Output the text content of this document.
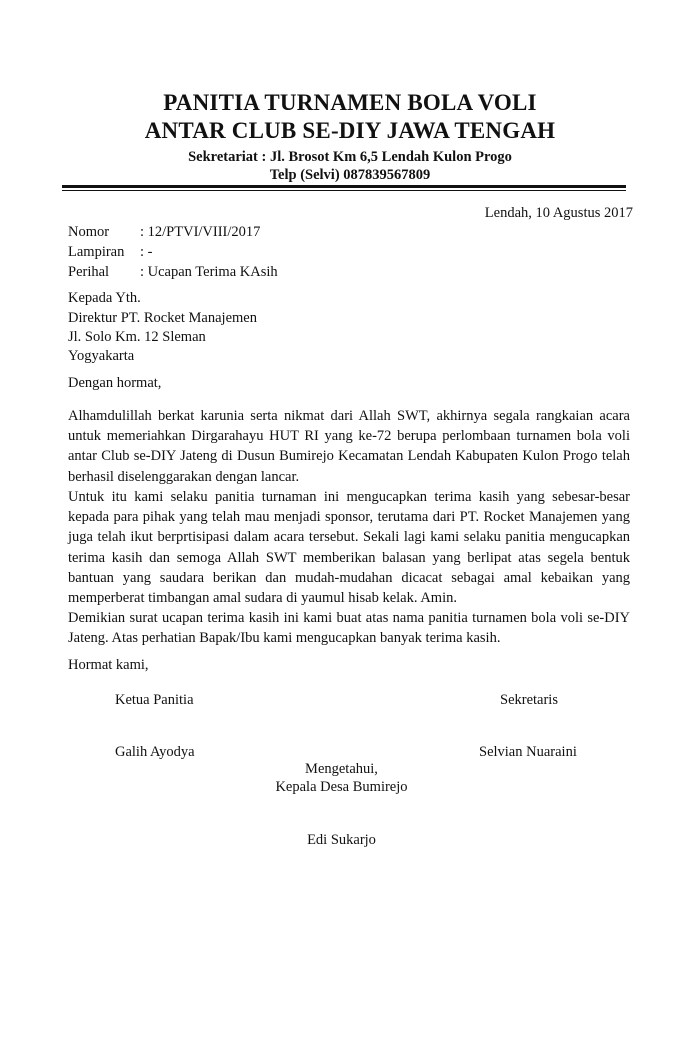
PANITIA TURNAMEN BOLA VOLI
ANTAR CLUB SE-DIY JAWA TENGAH
Sekretariat : Jl. Brosot Km 6,5 Lendah Kulon Progo
Telp (Selvi) 087839567809
Lendah, 10 Agustus 2017
Nomor : 12/PTVI/VIII/2017
Lampiran : -
Perihal : Ucapan Terima KAsih
Kepada Yth.
Direktur PT. Rocket Manajemen
Jl. Solo Km. 12 Sleman
Yogyakarta
Dengan hormat,
Alhamdulillah berkat karunia serta nikmat dari Allah SWT, akhirnya segala rangkaian acara untuk memeriahkan Dirgarahayu HUT RI yang ke-72 berupa perlombaan turnamen bola voli antar Club se-DIY Jateng di Dusun Bumirejo Kecamatan Lendah Kabupaten Kulon Progo telah berhasil diselenggarakan dengan lancar.
Untuk itu kami selaku panitia turnaman ini mengucapkan terima kasih yang sebesar-besar kepada para pihak yang telah mau menjadi sponsor, terutama dari PT. Rocket Manajemen yang juga telah ikut berprtisipasi dalam acara tersebut. Sekali lagi kami selaku panitia mengucapkan terima kasih dan semoga Allah SWT memberikan balasan yang berlipat atas segela bentuk bantuan yang saudara berikan dan mudah-mudahan dicacat sebagai amal kebaikan yang memperberat timbangan amal sudara di yaumul hisab kelak. Amin.
Demikian surat ucapan terima kasih ini kami buat atas nama panitia turnamen bola voli se-DIY Jateng. Atas perhatian Bapak/Ibu kami mengucapkan banyak terima kasih.
Hormat kami,
Ketua Panitia	Sekretaris
Galih Ayodya	Selvian Nuaraini
Mengetahui,
Kepala Desa Bumirejo
Edi Sukarjo
